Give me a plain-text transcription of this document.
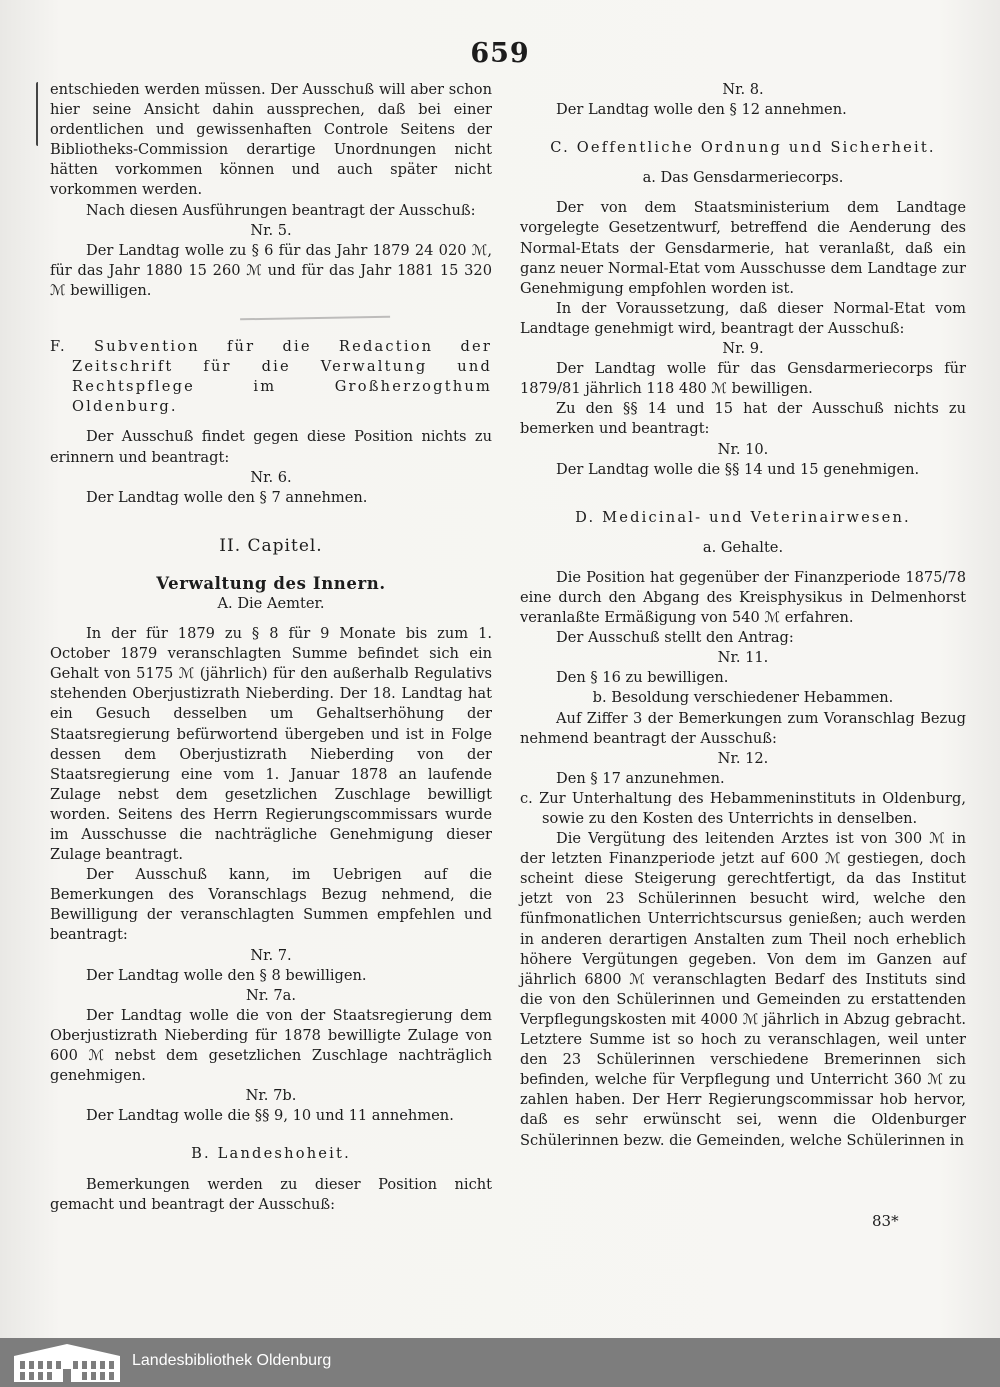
659

entschieden werden müssen. Der Ausschuß will aber schon hier seine Ansicht dahin aussprechen, daß bei einer ordentlichen und gewissenhaften Controle Seitens der Bibliotheks-Commission derartige Unordnungen nicht hätten vorkommen können und auch später nicht vorkommen werden.

Nach diesen Ausführungen beantragt der Ausschuß:

Nr. 5.

Der Landtag wolle zu § 6 für das Jahr 1879 24 020 ℳ, für das Jahr 1880 15 260 ℳ und für das Jahr 1881 15 320 ℳ bewilligen.

F. Subvention für die Redaction der Zeitschrift für die Verwaltung und Rechtspflege im Großherzogthum Oldenburg.

Der Ausschuß findet gegen diese Position nichts zu erinnern und beantragt:

Nr. 6.

Der Landtag wolle den § 7 annehmen.

II. Capitel.

Verwaltung des Innern.

A. Die Aemter.

In der für 1879 zu § 8 für 9 Monate bis zum 1. October 1879 veranschlagten Summe befindet sich ein Gehalt von 5175 ℳ (jährlich) für den außerhalb Regulativs stehenden Oberjustizrath Nieberding. Der 18. Landtag hat ein Gesuch desselben um Gehaltserhöhung der Staatsregierung befürwortend übergeben und ist in Folge dessen dem Oberjustizrath Nieberding von der Staatsregierung eine vom 1. Januar 1878 an laufende Zulage nebst dem gesetzlichen Zuschlage bewilligt worden. Seitens des Herrn Regierungscommissars wurde im Ausschusse die nachträgliche Genehmigung dieser Zulage beantragt.

Der Ausschuß kann, im Uebrigen auf die Bemerkungen des Voranschlags Bezug nehmend, die Bewilligung der veranschlagten Summen empfehlen und beantragt:

Nr. 7.

Der Landtag wolle den § 8 bewilligen.

Nr. 7a.

Der Landtag wolle die von der Staatsregierung dem Oberjustizrath Nieberding für 1878 bewilligte Zulage von 600 ℳ nebst dem gesetzlichen Zuschlage nachträglich genehmigen.

Nr. 7b.

Der Landtag wolle die §§ 9, 10 und 11 annehmen.

B. Landeshoheit.

Bemerkungen werden zu dieser Position nicht gemacht und beantragt der Ausschuß:

Nr. 8.

Der Landtag wolle den § 12 annehmen.

C. Oeffentliche Ordnung und Sicherheit.

a. Das Gensdarmeriecorps.

Der von dem Staatsministerium dem Landtage vorgelegte Gesetzentwurf, betreffend die Aenderung des Normal-Etats der Gensdarmerie, hat veranlaßt, daß ein ganz neuer Normal-Etat vom Ausschusse dem Landtage zur Genehmigung empfohlen worden ist.

In der Voraussetzung, daß dieser Normal-Etat vom Landtage genehmigt wird, beantragt der Ausschuß:

Nr. 9.

Der Landtag wolle für das Gensdarmeriecorps für 1879/81 jährlich 118 480 ℳ bewilligen.

Zu den §§ 14 und 15 hat der Ausschuß nichts zu bemerken und beantragt:

Nr. 10.

Der Landtag wolle die §§ 14 und 15 genehmigen.

D. Medicinal- und Veterinairwesen.

a. Gehalte.

Die Position hat gegenüber der Finanzperiode 1875/78 eine durch den Abgang des Kreisphysikus in Delmenhorst veranlaßte Ermäßigung von 540 ℳ erfahren.

Der Ausschuß stellt den Antrag:

Nr. 11.

Den § 16 zu bewilligen.

b. Besoldung verschiedener Hebammen.

Auf Ziffer 3 der Bemerkungen zum Voranschlag Bezug nehmend beantragt der Ausschuß:

Nr. 12.

Den § 17 anzunehmen.

c. Zur Unterhaltung des Hebammeninstituts in Oldenburg, sowie zu den Kosten des Unterrichts in denselben.

Die Vergütung des leitenden Arztes ist von 300 ℳ in der letzten Finanzperiode jetzt auf 600 ℳ gestiegen, doch scheint diese Steigerung gerechtfertigt, da das Institut jetzt von 23 Schülerinnen besucht wird, welche den fünfmonatlichen Unterrichtscursus genießen; auch werden in anderen derartigen Anstalten zum Theil noch erheblich höhere Vergütungen gegeben. Von dem im Ganzen auf jährlich 6800 ℳ veranschlagten Bedarf des Instituts sind die von den Schülerinnen und Gemeinden zu erstattenden Verpflegungskosten mit 4000 ℳ jährlich in Abzug gebracht. Letztere Summe ist so hoch zu veranschlagen, weil unter den 23 Schülerinnen verschiedene Bremerinnen sich befinden, welche für Verpflegung und Unterricht 360 ℳ zu zahlen haben. Der Herr Regierungscommissar hob hervor, daß es sehr erwünscht sei, wenn die Oldenburger Schülerinnen bezw. die Gemeinden, welche Schülerinnen in

83*
Landesbibliothek Oldenburg
